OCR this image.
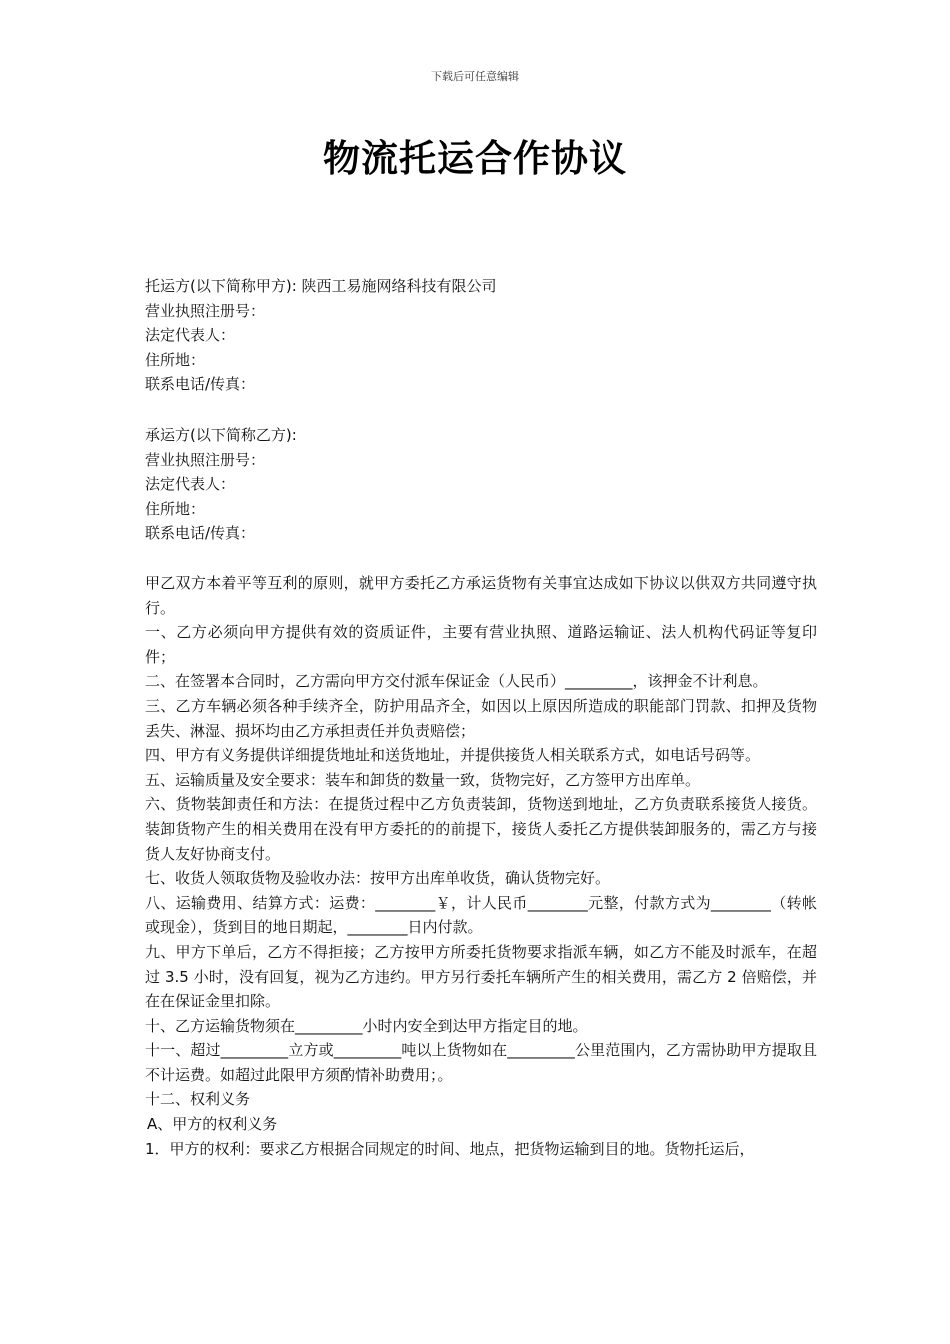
下载后可任意编辑
物流托运合作协议

托运方(以下简称甲方): 陕西工易施网络科技有限公司

营业执照注册号：

法定代表人：

住所地：

联系电话/传真：

承运方(以下简称乙方):

营业执照注册号：

法定代表人：

住所地：

联系电话/传真：

甲乙双方本着平等互利的原则，就甲方委托乙方承运货物有关事宜达成如下协议以供双方共同遵守执行。

一、乙方必须向甲方提供有效的资质证件，主要有营业执照、道路运输证、法人机构代码证等复印件；

二、在签署本合同时，乙方需向甲方交付派车保证金（人民币）_________，该押金不计利息。

三、乙方车辆必须各种手续齐全，防护用品齐全，如因以上原因所造成的职能部门罚款、扣押及货物丢失、淋湿、损坏均由乙方承担责任并负责赔偿；

四、甲方有义务提供详细提货地址和送货地址，并提供接货人相关联系方式，如电话号码等。

五、运输质量及安全要求：装车和卸货的数量一致，货物完好，乙方签甲方出库单。

六、货物装卸责任和方法：在提货过程中乙方负责装卸，货物送到地址，乙方负责联系接货人接货。装卸货物产生的相关费用在没有甲方委托的的前提下，接货人委托乙方提供装卸服务的，需乙方与接货人友好协商支付。

七、收货人领取货物及验收办法：按甲方出库单收货，确认货物完好。

八、运输费用、结算方式：运费：________￥，计人民币________元整，付款方式为________（转帐或现金），货到目的地日期起，________日内付款。

九、甲方下单后，乙方不得拒接；乙方按甲方所委托货物要求指派车辆，如乙方不能及时派车，在超过 3.5 小时，没有回复，视为乙方违约。甲方另行委托车辆所产生的相关费用，需乙方 2 倍赔偿，并在在保证金里扣除。

十、乙方运输货物须在_________小时内安全到达甲方指定目的地。

十一、超过_________立方或_________吨以上货物如在_________公里范围内，乙方需协助甲方提取且不计运费。如超过此限甲方须酌情补助费用；。

十二、权利义务

A、甲方的权利义务

1．甲方的权利：要求乙方根据合同规定的时间、地点，把货物运输到目的地。货物托运后，
